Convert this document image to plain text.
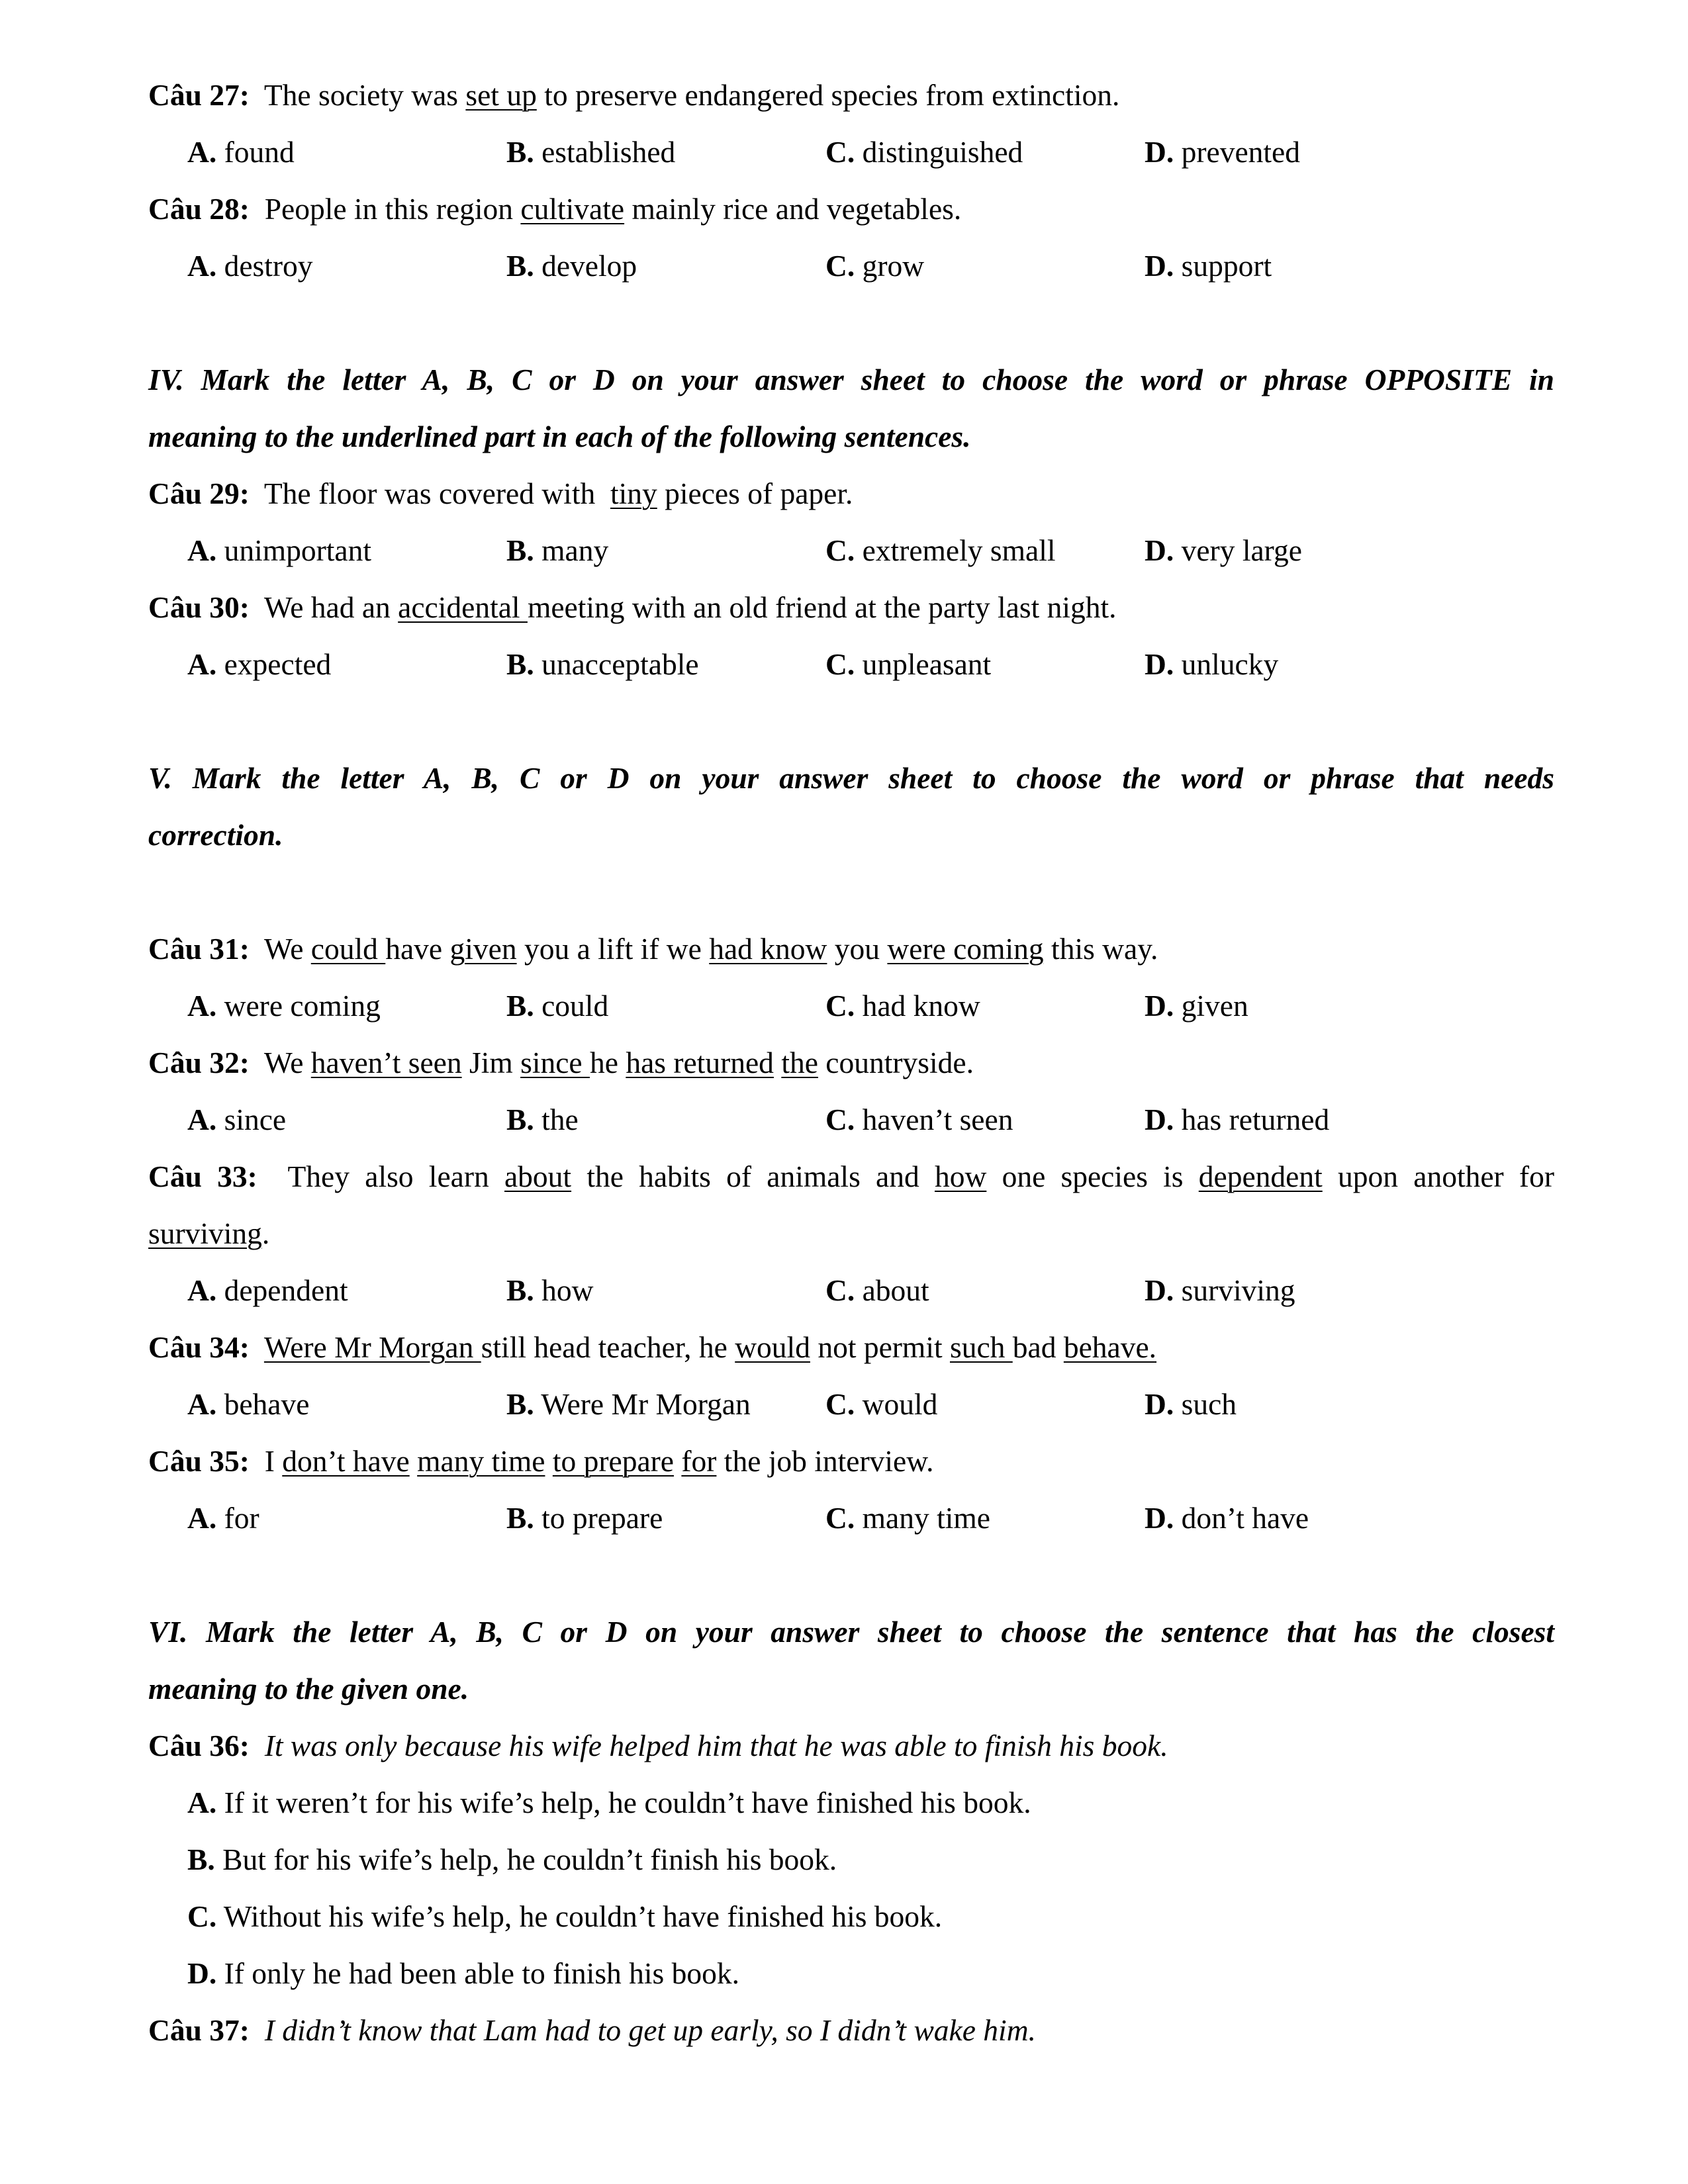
Câu 27: The society was set up to preserve endangered species from extinction.
A. found	B. established	C. distinguished	D. prevented
Câu 28: People in this region cultivate mainly rice and vegetables.
A. destroy	B. develop	C. grow	D. support
IV. Mark the letter A, B, C or D on your answer sheet to choose the word or phrase OPPOSITE in
meaning to the underlined part in each of the following sentences.
Câu 29: The floor was covered with  tiny pieces of paper.
A. unimportant	B. many	C. extremely small	D. very large
Câu 30: We had an accidental meeting with an old friend at the party last night.
A. expected	B. unacceptable	C. unpleasant	D. unlucky
V. Mark the letter A, B, C or D on your answer sheet to choose the word or phrase that needs
correction.
Câu 31: We could have given you a lift if we had know you were coming this way.
A. were coming	B. could	C. had know	D. given
Câu 32: We haven’t seen Jim since he has returned the countryside.
A. since	B. the	C. haven’t seen	D. has returned
Câu 33: They also learn about the habits of animals and how one species is dependent upon another for
surviving.
A. dependent	B. how	C. about	D. surviving
Câu 34: Were Mr Morgan still head teacher, he would not permit such bad behave.
A. behave	B. Were Mr Morgan C. would	D. such
Câu 35: I don’t have many time to prepare for the job interview.
A. for	B. to prepare	C. many time	D. don’t have
VI. Mark the letter A, B, C or D on your answer sheet to choose the sentence that has the closest
meaning to the given one.
Câu 36: It was only because his wife helped him that he was able to finish his book.
A. If it weren’t for his wife’s help, he couldn’t have finished his book.
B. But for his wife’s help, he couldn’t finish his book.
C. Without his wife’s help, he couldn’t have finished his book.
D. If only he had been able to finish his book.
Câu 37: I didn’t know that Lam had to get up early, so I didn’t wake him.
